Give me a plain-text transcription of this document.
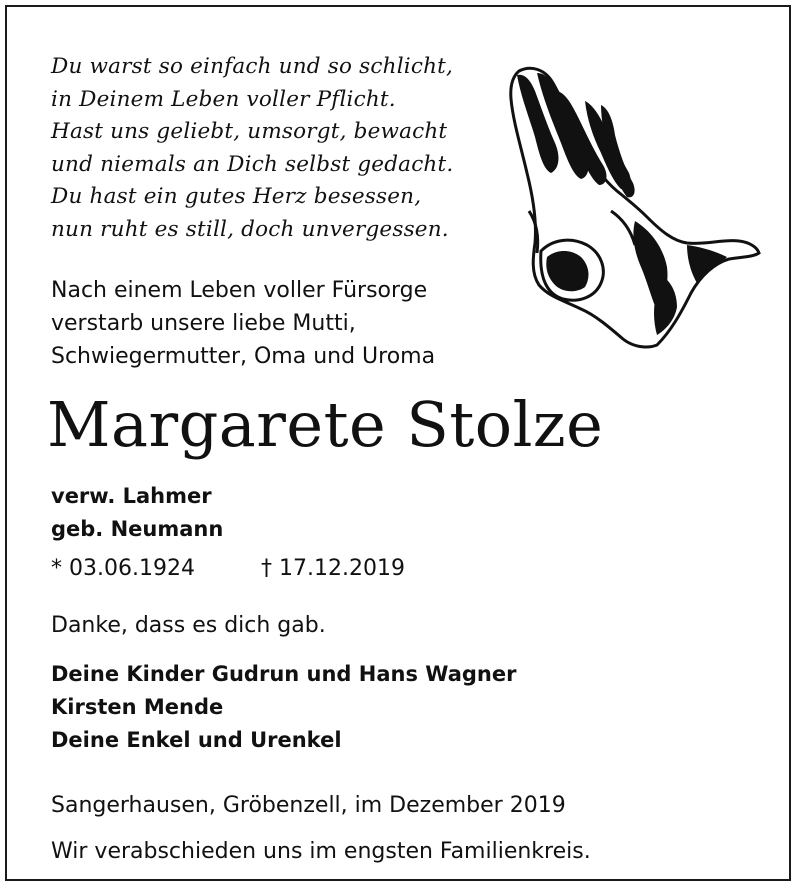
Du warst so einfach und so schlicht,
in Deinem Leben voller Pflicht.
Hast uns geliebt, umsorgt, bewacht
und niemals an Dich selbst gedacht.
Du hast ein gutes Herz besessen,
nun ruht es still, doch unvergessen.
Nach einem Leben voller Fürsorge
verstarb unsere liebe Mutti,
Schwiegermutter, Oma und Uroma
Margarete Stolze
verw. Lahmer
geb. Neumann
* 03.06.1924	† 17.12.2019
Danke, dass es dich gab.
Deine Kinder Gudrun und Hans Wagner
Kirsten Mende
Deine Enkel und Urenkel
Sangerhausen, Gröbenzell, im Dezember 2019
Wir verabschieden uns im engsten Familienkreis.
